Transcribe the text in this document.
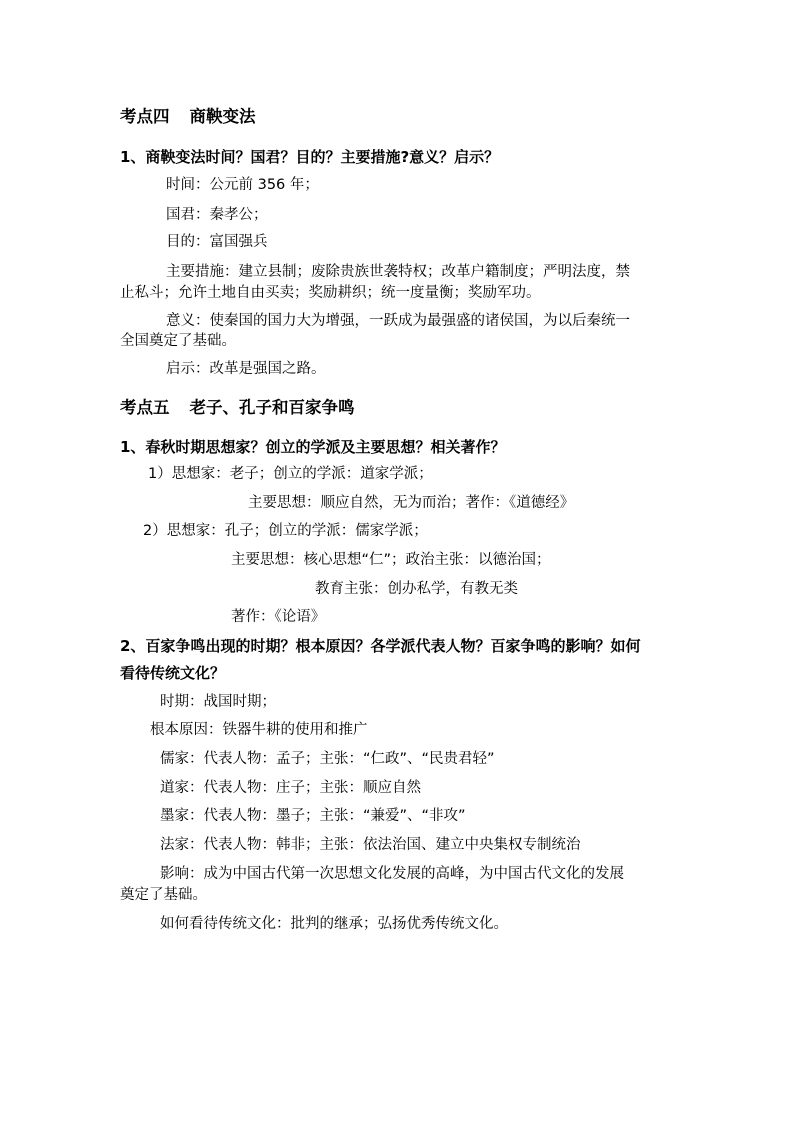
考点四 商鞅变法
1、商鞅变法时间？国君？目的？主要措施?意义？启示？
时间：公元前 356 年；
国君：秦孝公；
目的：富国强兵
主要措施：建立县制；废除贵族世袭特权；改革户籍制度；严明法度，禁
止私斗；允许土地自由买卖；奖励耕织；统一度量衡；奖励军功。
意义：使秦国的国力大为增强，一跃成为最强盛的诸侯国，为以后秦统一
全国奠定了基础。
启示：改革是强国之路。
考点五 老子、孔子和百家争鸣
1、春秋时期思想家？创立的学派及主要思想？相关著作？
1）思想家：老子；创立的学派：道家学派；
主要思想：顺应自然，无为而治；著作：《道德经》
2）思想家：孔子；创立的学派：儒家学派；
主要思想：核心思想“仁”；政治主张：以德治国；
教育主张：创办私学，有教无类
著作：《论语》
2、百家争鸣出现的时期？根本原因？各学派代表人物？百家争鸣的影响？如何
看待传统文化？
时期：战国时期；
根本原因：铁器牛耕的使用和推广
儒家：代表人物：孟子；主张：“仁政”、“民贵君轻”
道家：代表人物：庄子；主张：顺应自然
墨家：代表人物：墨子；主张：“兼爱”、“非攻”
法家：代表人物：韩非；主张：依法治国、建立中央集权专制统治
影响：成为中国古代第一次思想文化发展的高峰，为中国古代文化的发展
奠定了基础。
如何看待传统文化：批判的继承；弘扬优秀传统文化。
